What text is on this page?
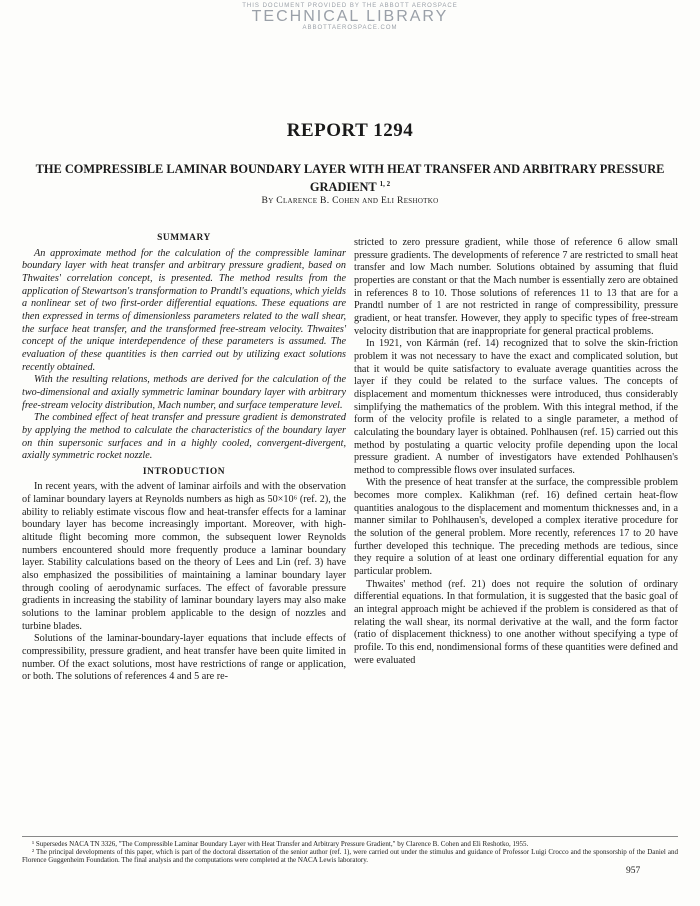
THIS DOCUMENT PROVIDED BY THE ABBOTT AEROSPACE
TECHNICAL LIBRARY
ABBOTTAEROSPACE.COM
REPORT 1294
THE COMPRESSIBLE LAMINAR BOUNDARY LAYER WITH HEAT TRANSFER AND ARBITRARY PRESSURE GRADIENT $^{1, 2}$
By Clarence B. Cohen and Eli Reshotko
SUMMARY

An approximate method for the calculation of the compressible laminar boundary layer with heat transfer and arbitrary pressure gradient, based on Thwaites' correlation concept, is presented. The method results from the application of Stewartson's transformation to Prandtl's equations, which yields a nonlinear set of two first-order differential equations. These equations are then expressed in terms of dimensionless parameters related to the wall shear, the surface heat transfer, and the transformed free-stream velocity. Thwaites' concept of the unique interdependence of these parameters is assumed. The evaluation of these quantities is then carried out by utilizing exact solutions recently obtained.

With the resulting relations, methods are derived for the calculation of the two-dimensional and axially symmetric laminar boundary layer with arbitrary free-stream velocity distribution, Mach number, and surface temperature level.

The combined effect of heat transfer and pressure gradient is demonstrated by applying the method to calculate the characteristics of the boundary layer on thin supersonic surfaces and in a highly cooled, convergent-divergent, axially symmetric rocket nozzle.

INTRODUCTION

In recent years, with the advent of laminar airfoils and with the observation of laminar boundary layers at Reynolds numbers as high as 50×10⁶ (ref. 2), the ability to reliably estimate viscous flow and heat-transfer effects for a laminar boundary layer has become increasingly important. Moreover, with high-altitude flight becoming more common, the subsequent lower Reynolds numbers encountered should more frequently produce a laminar boundary layer. Stability calculations based on the theory of Lees and Lin (ref. 3) have also emphasized the possibilities of maintaining a laminar boundary layer through cooling of aerodynamic surfaces. The effect of favorable pressure gradients in increasing the stability of laminar boundary layers may also make solutions to the laminar problem applicable to the design of nozzles and turbine blades.

Solutions of the laminar-boundary-layer equations that include effects of compressibility, pressure gradient, and heat transfer have been quite limited in number. Of the exact solutions, most have restrictions of range or application, or both. The solutions of references 4 and 5 are re-

stricted to zero pressure gradient, while those of reference 6 allow small pressure gradients. The developments of reference 7 are restricted to small heat transfer and low Mach number. Solutions obtained by assuming that fluid properties are constant or that the Mach number is essentially zero are obtained in references 8 to 10. Those solutions of references 11 to 13 that are for a Prandtl number of 1 are not restricted in range of compressibility, pressure gradient, or heat transfer. However, they apply to specific types of free-stream velocity distribution that are inappropriate for general practical problems.

In 1921, von Kármán (ref. 14) recognized that to solve the skin-friction problem it was not necessary to have the exact and complicated solution, but that it would be quite satisfactory to evaluate average quantities across the layer if they could be related to the surface values. The concepts of displacement and momentum thicknesses were introduced, thus considerably simplifying the mathematics of the problem. With this integral method, if the form of the velocity profile is related to a single parameter, a method of calculating the boundary layer is obtained. Pohlhausen (ref. 15) carried out this method by postulating a quartic velocity profile depending upon the local pressure gradient. A number of investigators have extended Pohlhausen's method to compressible flows over insulated surfaces.

With the presence of heat transfer at the surface, the compressible problem becomes more complex. Kalikhman (ref. 16) defined certain heat-flow quantities analogous to the displacement and momentum thicknesses and, in a manner similar to Pohlhausen's, developed a complex iterative procedure for the solution of the general problem. More recently, references 17 to 20 have further developed this technique. The preceding methods are tedious, since they require a solution of at least one ordinary differential equation for any particular problem.

Thwaites' method (ref. 21) does not require the solution of ordinary differential equations. In that formulation, it is suggested that the basic goal of an integral approach might be achieved if the problem is considered as that of relating the wall shear, its normal derivative at the wall, and the form factor (ratio of displacement thickness) to one another without specifying a type of profile. To this end, nondimensional forms of these quantities were defined and were evaluated

¹ Supersedes NACA TN 3326, "The Compressible Laminar Boundary Layer with Heat Transfer and Arbitrary Pressure Gradient," by Clarence B. Cohen and Eli Reshotko, 1955.

² The principal developments of this paper, which is part of the doctoral dissertation of the senior author (ref. 1), were carried out under the stimulus and guidance of Professor Luigi Crocco and the sponsorship of the Daniel and Florence Guggenheim Foundation. The final analysis and the computations were completed at the NACA Lewis laboratory.

957
